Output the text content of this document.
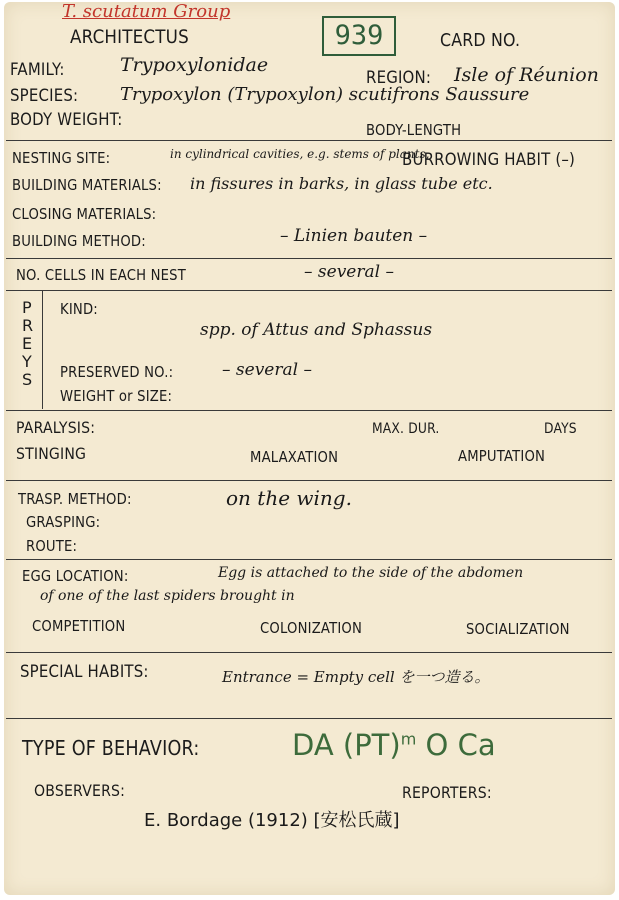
T. scutatum Group
ARCHITECTUS	939	CARD NO.
FAMILY:	Trypoxylonidae
REGION: Isle of Réunion
SPECIES: Trypoxylon (Trypoxylon) scutifrons Saussure
BODY WEIGHT:	BODY-LENGTH
NESTING SITE:	in cylindrical cavities, e.g. stems of plants,
BURROWING HABIT (–)
BUILDING MATERIALS: in fissures in barks, in glass tube etc.
CLOSING MATERIALS:
BUILDING METHOD:	– Linien bauten –
NO. CELLS IN EACH NEST	– several –
P
R
E
Y
S
KIND:
spp. of Attus and Sphassus
PRESERVED NO.:	– several –
WEIGHT or SIZE:
PARALYSIS:	MAX. DUR.	DAYS
STINGING	MALAXATION	AMPUTATION
TRASP. METHOD:	on the wing.
GRASPING:
ROUTE:
EGG LOCATION:	Egg is attached to the side of the abdomen
of one of the last spiders brought in
COMPETITION	COLONIZATION	SOCIALIZATION
SPECIAL HABITS:	Entrance = Empty cell を一つ造る。
TYPE OF BEHAVIOR:	DA (PT)$^m$ O Ca
OBSERVERS:	REPORTERS:
E. Bordage (1912) [安松氏蔵]
